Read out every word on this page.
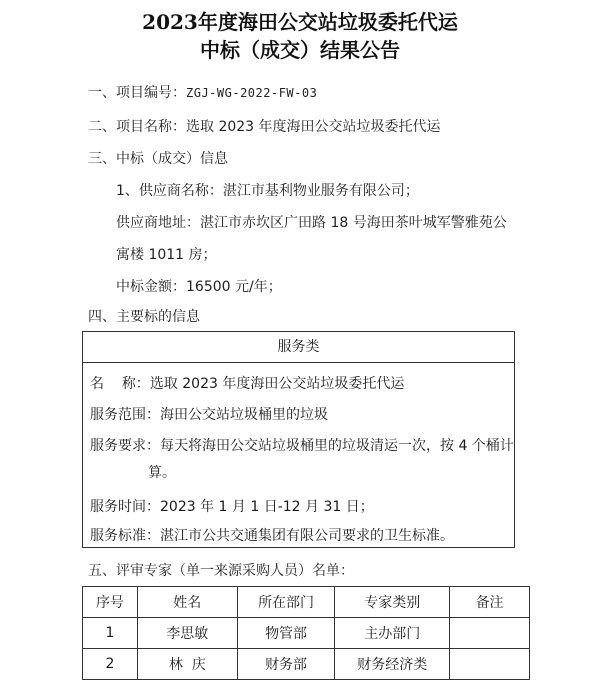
2023年度海田公交站垃圾委托代运
中标（成交）结果公告
一、项目编号：ZGJ-WG-2022-FW-03
二、项目名称：选取 2023 年度海田公交站垃圾委托代运
三、中标（成交）信息
1、供应商名称：湛江市基利物业服务有限公司；
供应商地址：湛江市赤坎区广田路 18 号海田茶叶城军警雅苑公
寓楼 1011 房；
中标金额：16500 元/年；
四、主要标的信息
服务类
名    称：选取 2023 年度海田公交站垃圾委托代运
服务范围：海田公交站垃圾桶里的垃圾
服务要求：每天将海田公交站垃圾桶里的垃圾清运一次，按 4 个桶计
算。
服务时间：2023 年 1 月 1 日-12 月 31 日；
服务标准：湛江市公共交通集团有限公司要求的卫生标准。
五、评审专家（单一来源采购人员）名单：
序号	姓名	所在部门	专家类别	备注
1	李思敏	物管部	主办部门	
2	林  庆	财务部	财务经济类	
